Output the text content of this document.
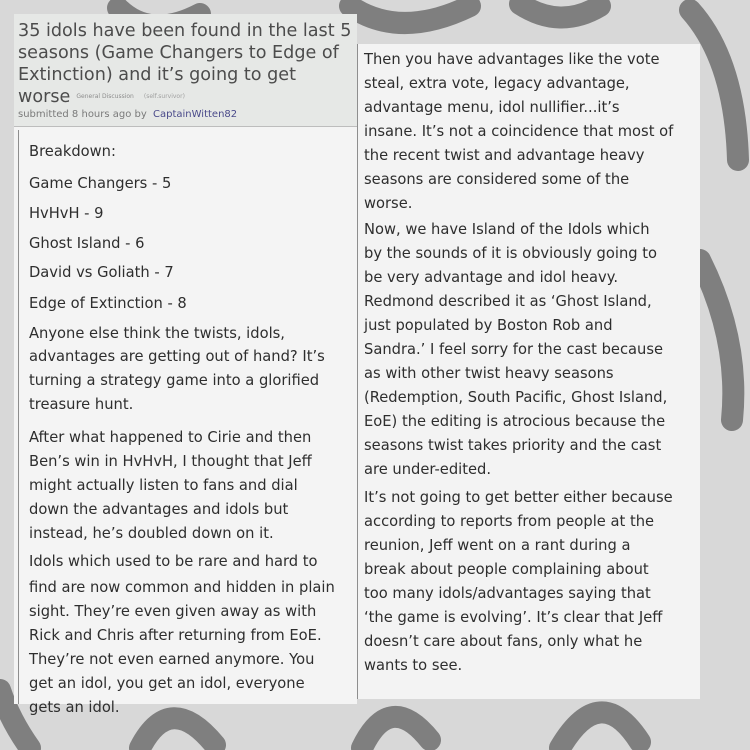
35 idols have been found in the last 5 seasons (Game Changers to Edge of Extinction) and it’s going to get worse General Discussion (self.survivor)
submitted 8 hours ago by CaptainWitten82

Breakdown:

Game Changers - 5

HvHvH - 9

Ghost Island - 6

David vs Goliath - 7

Edge of Extinction - 8

Anyone else think the twists, idols,

advantages are getting out of hand? It’s

turning a strategy game into a glorified

treasure hunt.

After what happened to Cirie and then

Ben’s win in HvHvH, I thought that Jeff

might actually listen to fans and dial

down the advantages and idols but

instead, he’s doubled down on it.

Idols which used to be rare and hard to

find are now common and hidden in plain

sight. They’re even given away as with

Rick and Chris after returning from EoE.

They’re not even earned anymore. You

get an idol, you get an idol, everyone

gets an idol.

Then you have advantages like the vote

steal, extra vote, legacy advantage,

advantage menu, idol nullifier...it’s

insane. It’s not a coincidence that most of

the recent twist and advantage heavy

seasons are considered some of the

worse.

Now, we have Island of the Idols which

by the sounds of it is obviously going to

be very advantage and idol heavy.

Redmond described it as ‘Ghost Island,

just populated by Boston Rob and

Sandra.’ I feel sorry for the cast because

as with other twist heavy seasons

(Redemption, South Pacific, Ghost Island,

EoE) the editing is atrocious because the

seasons twist takes priority and the cast

are under-edited.

It’s not going to get better either because

according to reports from people at the

reunion, Jeff went on a rant during a

break about people complaining about

too many idols/advantages saying that

‘the game is evolving’. It’s clear that Jeff

doesn’t care about fans, only what he

wants to see.
